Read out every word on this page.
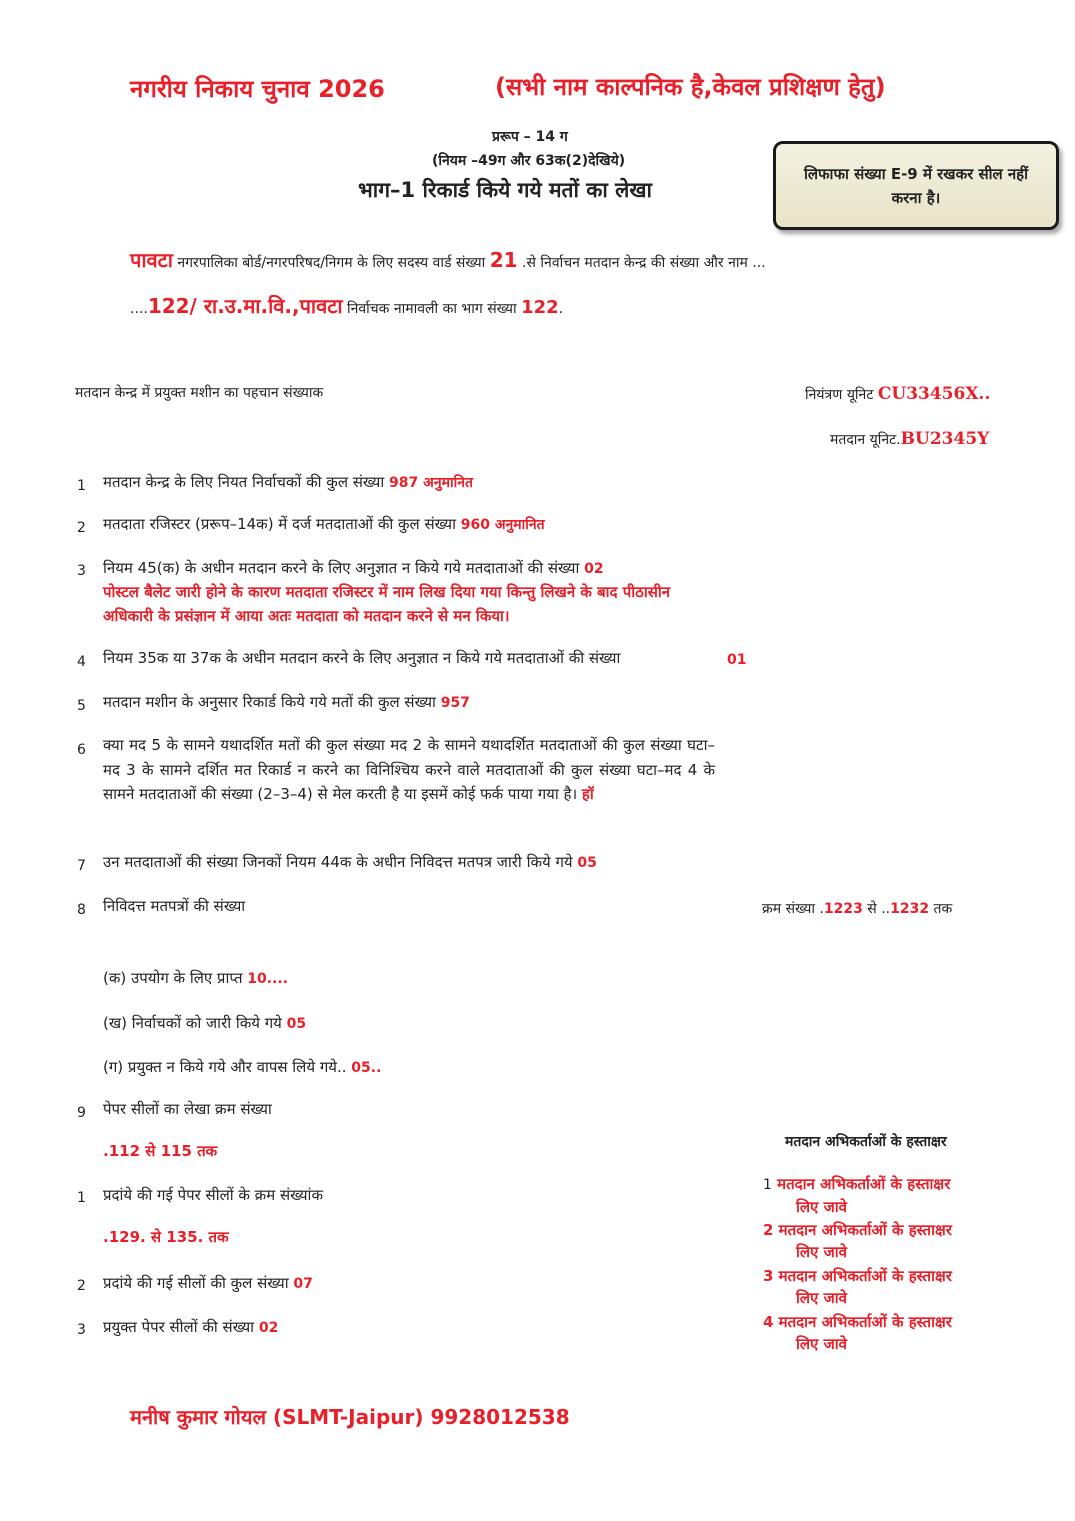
नगरीय निकाय चुनाव 2026	(सभी नाम काल्पनिक है,केवल प्रशिक्षण हेतु)
प्ररूप – 14 ग
(नियम –49ग और 63क(2)देखिये)
भाग–1 रिकार्ड किये गये मतों का लेखा
लिफाफा संख्या E-9 में रखकर सील नहीं करना है।
पावटा नगरपालिका बोर्ड/नगरपरिषद/निगम के लिए सदस्य वार्ड संख्या 21 .से निर्वाचन मतदान केन्द्र की संख्या और नाम ...
....122/ रा.उ.मा.वि.,पावटा निर्वाचक नामावली का भाग संख्या 122.
मतदान केन्द्र में प्रयुक्त मशीन का पहचान संख्याक	नियंत्रण यूनिट CU33456X..
मतदान यूनिट.BU2345Y
1 मतदान केन्द्र के लिए नियत निर्वाचकों की कुल संख्या 987 अनुमानित
2 मतदाता रजिस्टर (प्ररूप–14क) में दर्ज मतदाताओं की कुल संख्या 960 अनुमानित
3 नियम 45(क) के अधीन मतदान करने के लिए अनुज्ञात न किये गये मतदाताओं की संख्या 02
पोस्टल बैलेट जारी होने के कारण मतदाता रजिस्टर में नाम लिख दिया गया किन्तु लिखने के बाद पीठासीन अधिकारी के प्रसंज्ञान में आया अतः मतदाता को मतदान करने से मन किया।
4 नियम 35क या 37क के अधीन मतदान करने के लिए अनुज्ञात न किये गये मतदाताओं की संख्या	01
5 मतदान मशीन के अनुसार रिकार्ड किये गये मतों की कुल संख्या 957
6 क्या मद 5 के सामने यथादर्शित मतों की कुल संख्या मद 2 के सामने यथादर्शित मतदाताओं की कुल संख्या घटा–मद 3 के सामने दर्शित मत रिकार्ड न करने का विनिश्चिय करने वाले मतदाताओं की कुल संख्या घटा–मद 4 के सामने मतदाताओं की संख्या (2–3–4) से मेल करती है या इसमें कोई फर्क पाया गया है। हॉ
7 उन मतदाताओं की संख्या जिनकों नियम 44क के अधीन निविदत्त मतपत्र जारी किये गये 05
8 निविदत्त मतपत्रों की संख्या	क्रम संख्या .1223 से ..1232 तक
(क) उपयोग के लिए प्राप्त 10....
(ख) निर्वाचकों को जारी किये गये 05
(ग) प्रयुक्त न किये गये और वापस लिये गये.. 05..
9 पेपर सीलों का लेखा क्रम संख्या
.112 से 115 तक
1 प्रदांये की गई पेपर सीलों के क्रम संख्यांक
.129. से 135. तक
2 प्रदांये की गई सीलों की कुल संख्या 07
3 प्रयुक्त पेपर सीलों की संख्या 02
मतदान अभिकर्ताओं के हस्ताक्षर
1 मतदान अभिकर्ताओं के हस्ताक्षर
लिए जावे
2 मतदान अभिकर्ताओं के हस्ताक्षर
लिए जावे
3 मतदान अभिकर्ताओं के हस्ताक्षर
लिए जावे
4 मतदान अभिकर्ताओं के हस्ताक्षर
लिए जावे
मनीष कुमार गोयल (SLMT-Jaipur) 9928012538
